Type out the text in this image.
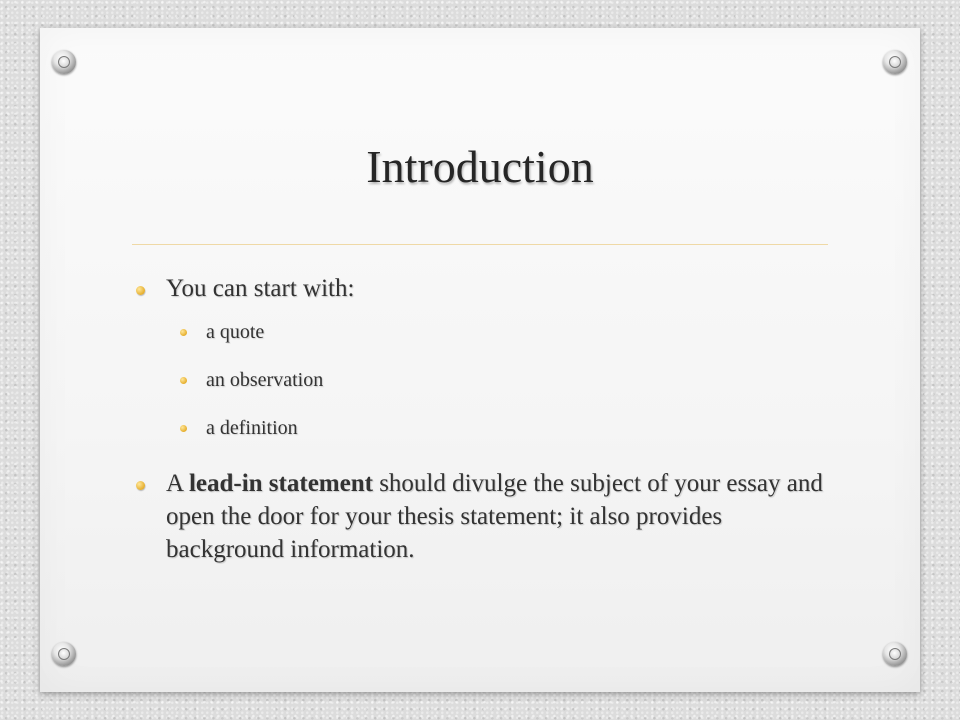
Introduction
You can start with:
a quote
an observation
a definition
A lead-in statement should divulge the subject of your essay and open the door for your thesis statement; it also provides background information.
